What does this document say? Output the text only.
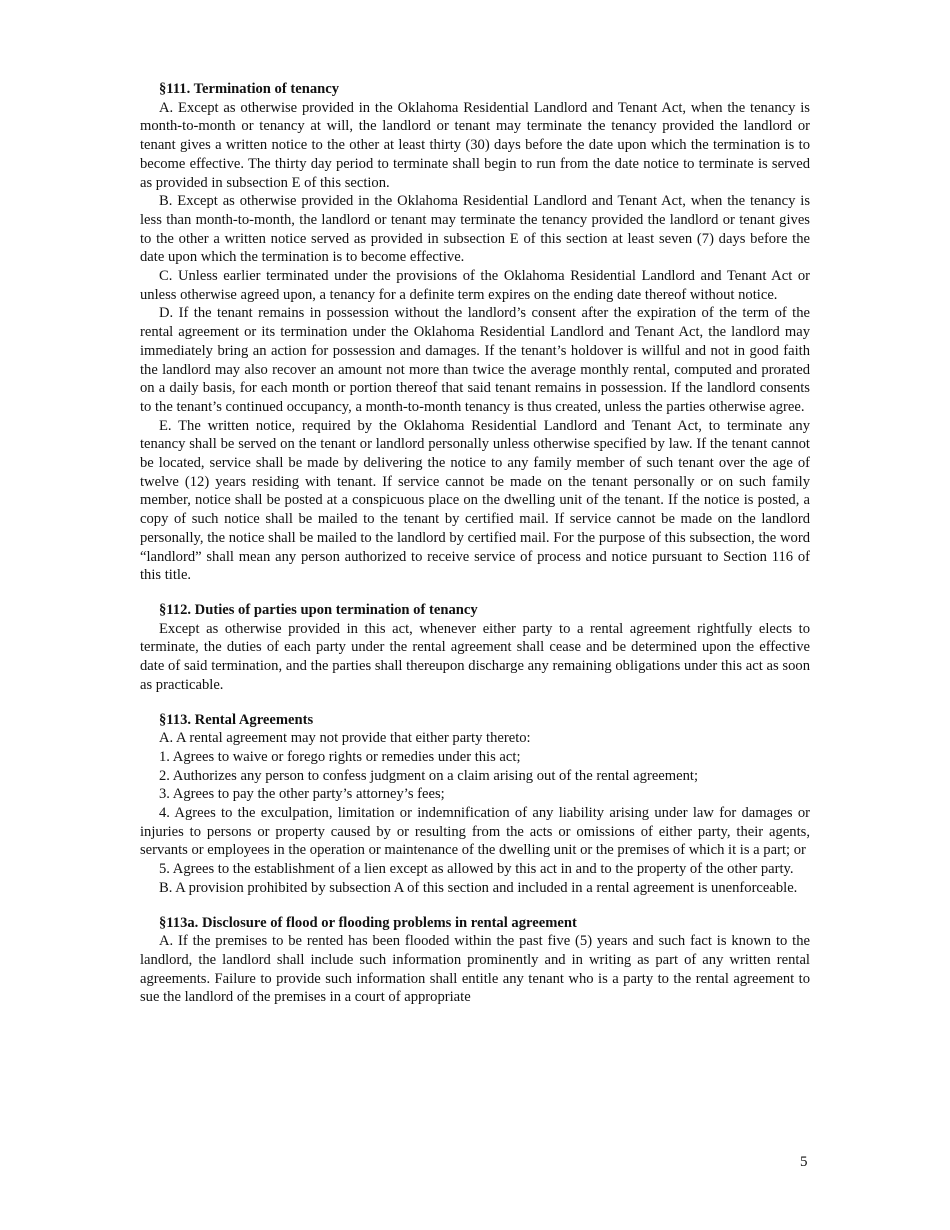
§111. Termination of tenancy

A. Except as otherwise provided in the Oklahoma Residential Landlord and Tenant Act, when the tenancy is month-to-month or tenancy at will, the landlord or tenant may terminate the tenancy provided the landlord or tenant gives a written notice to the other at least thirty (30) days before the date upon which the termination is to become effective. The thirty day period to terminate shall begin to run from the date notice to terminate is served as provided in subsection E of this section.

B. Except as otherwise provided in the Oklahoma Residential Landlord and Tenant Act, when the tenancy is less than month-to-month, the landlord or tenant may terminate the tenancy provided the landlord or tenant gives to the other a written notice served as provided in subsection E of this section at least seven (7) days before the date upon which the termination is to become effective.

C. Unless earlier terminated under the provisions of the Oklahoma Residential Landlord and Tenant Act or unless otherwise agreed upon, a tenancy for a definite term expires on the ending date thereof without notice.

D. If the tenant remains in possession without the landlord’s consent after the expiration of the term of the rental agreement or its termination under the Oklahoma Residential Landlord and Tenant Act, the landlord may immediately bring an action for possession and damages. If the tenant’s holdover is willful and not in good faith the landlord may also recover an amount not more than twice the average monthly rental, computed and prorated on a daily basis, for each month or portion thereof that said tenant remains in possession. If the landlord consents to the tenant’s continued occupancy, a month-to-month tenancy is thus created, unless the parties otherwise agree.

E. The written notice, required by the Oklahoma Residential Landlord and Tenant Act, to terminate any tenancy shall be served on the tenant or landlord personally unless otherwise specified by law. If the tenant cannot be located, service shall be made by delivering the notice to any family member of such tenant over the age of twelve (12) years residing with tenant. If service cannot be made on the tenant personally or on such family member, notice shall be posted at a conspicuous place on the dwelling unit of the tenant. If the notice is posted, a copy of such notice shall be mailed to the tenant by certified mail. If service cannot be made on the landlord personally, the notice shall be mailed to the landlord by certified mail. For the purpose of this subsection, the word “landlord” shall mean any person authorized to receive service of process and notice pursuant to Section 116 of this title.

§112. Duties of parties upon termination of tenancy

Except as otherwise provided in this act, whenever either party to a rental agreement rightfully elects to terminate, the duties of each party under the rental agreement shall cease and be determined upon the effective date of said termination, and the parties shall thereupon discharge any remaining obligations under this act as soon as practicable.

§113. Rental Agreements

A. A rental agreement may not provide that either party thereto:

1. Agrees to waive or forego rights or remedies under this act;

2. Authorizes any person to confess judgment on a claim arising out of the rental agreement;

3. Agrees to pay the other party’s attorney’s fees;

4. Agrees to the exculpation, limitation or indemnification of any liability arising under law for damages or injuries to persons or property caused by or resulting from the acts or omissions of either party, their agents, servants or employees in the operation or maintenance of the dwelling unit or the premises of which it is a part; or

5. Agrees to the establishment of a lien except as allowed by this act in and to the property of the other party.

B. A provision prohibited by subsection A of this section and included in a rental agreement is unenforceable.

§113a. Disclosure of flood or flooding problems in rental agreement

A. If the premises to be rented has been flooded within the past five (5) years and such fact is known to the landlord, the landlord shall include such information prominently and in writing as part of any written rental agreements. Failure to provide such information shall entitle any tenant who is a party to the rental agreement to sue the landlord of the premises in a court of appropriate

5
